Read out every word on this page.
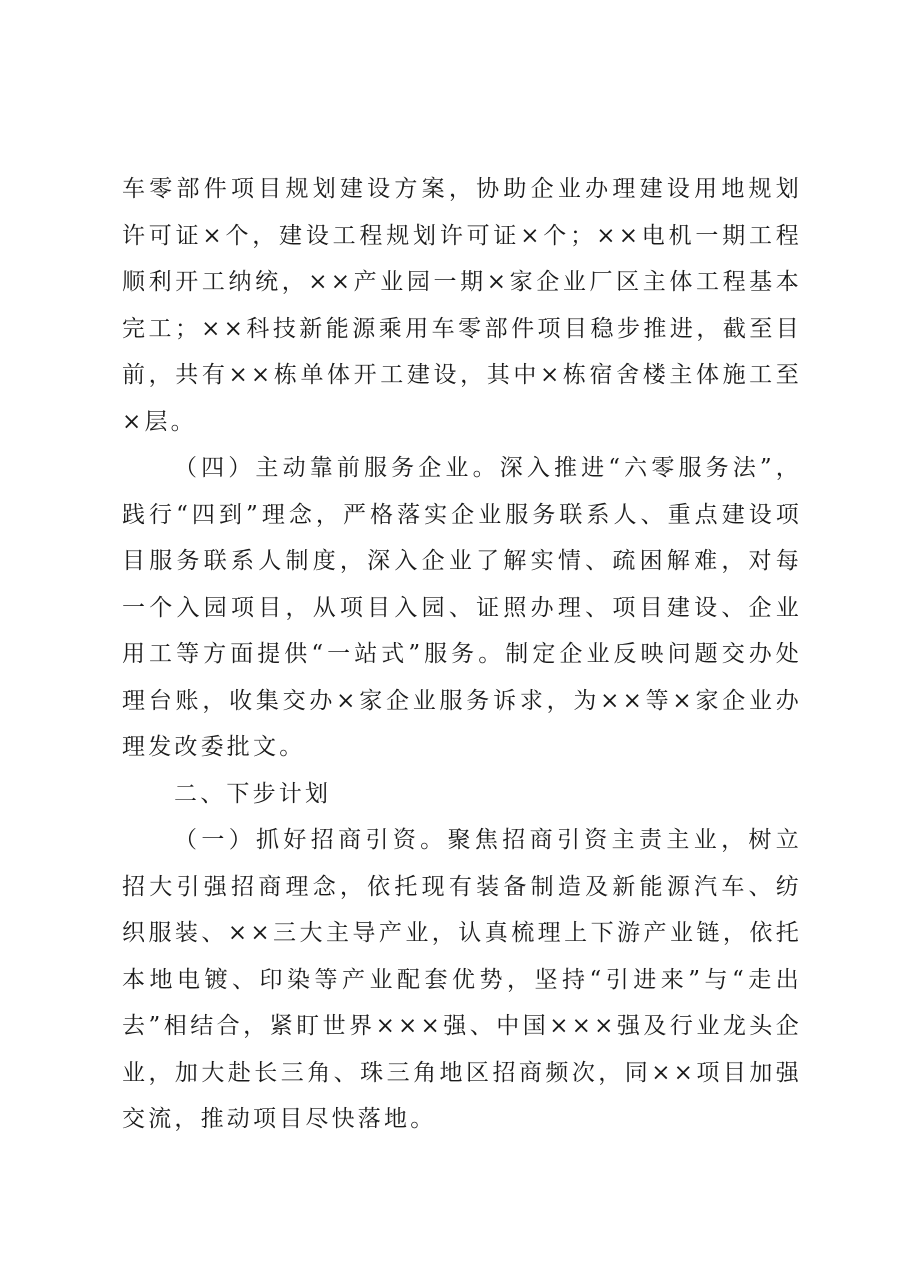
车零部件项目规划建设方案，协助企业办理建设用地规划许可证×个，建设工程规划许可证×个；××电机一期工程顺利开工纳统，××产业园一期×家企业厂区主体工程基本完工；××科技新能源乘用车零部件项目稳步推进，截至目前，共有××栋单体开工建设，其中×栋宿舍楼主体施工至×层。

（四）主动靠前服务企业。深入推进“六零服务法”，践行“四到”理念，严格落实企业服务联系人、重点建设项目服务联系人制度，深入企业了解实情、疏困解难，对每一个入园项目，从项目入园、证照办理、项目建设、企业用工等方面提供“一站式”服务。制定企业反映问题交办处理台账，收集交办×家企业服务诉求，为××等×家企业办理发改委批文。

二、下步计划

（一）抓好招商引资。聚焦招商引资主责主业，树立招大引强招商理念，依托现有装备制造及新能源汽车、纺织服装、××三大主导产业，认真梳理上下游产业链，依托本地电镀、印染等产业配套优势，坚持“引进来”与“走出去”相结合，紧盯世界×××强、中国×××强及行业龙头企业，加大赴长三角、珠三角地区招商频次，同××项目加强交流，推动项目尽快落地。
